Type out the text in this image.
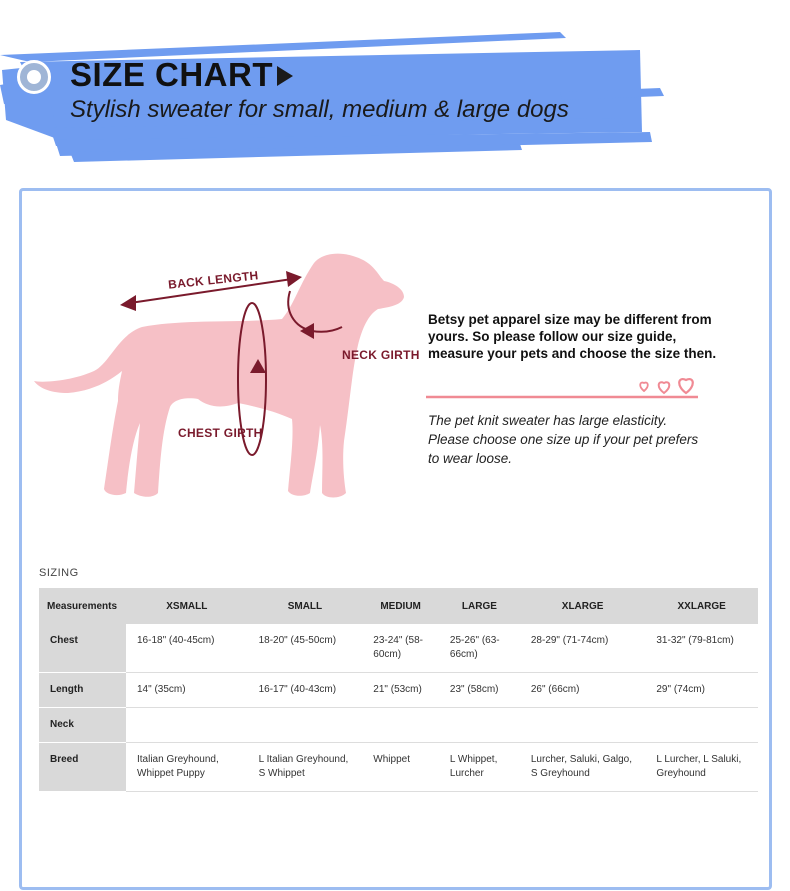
SIZE CHART
Stylish sweater for small, medium & large dogs
BACK LENGTH
NECK GIRTH
CHEST GIRTH
Betsy pet apparel size may be different from yours. So please follow our size guide, measure your pets and choose the size then.
The pet knit sweater has large elasticity. Please choose one size up if your pet prefers to wear loose.
SIZING
Measurements	XSMALL	SMALL	MEDIUM	LARGE	XLARGE	XXLARGE
Chest	16-18" (40-45cm)	18-20" (45-50cm)	23-24" (58-60cm)	25-26" (63-66cm)	28-29" (71-74cm)	31-32" (79-81cm)
Length	14" (35cm)	16-17" (40-43cm)	21" (53cm)	23" (58cm)	26" (66cm)	29" (74cm)
Neck						
Breed	Italian Greyhound, Whippet Puppy	L Italian Greyhound, S Whippet	Whippet	L Whippet, Lurcher	Lurcher, Saluki, Galgo, S Greyhound	L Lurcher, L Saluki, Greyhound
